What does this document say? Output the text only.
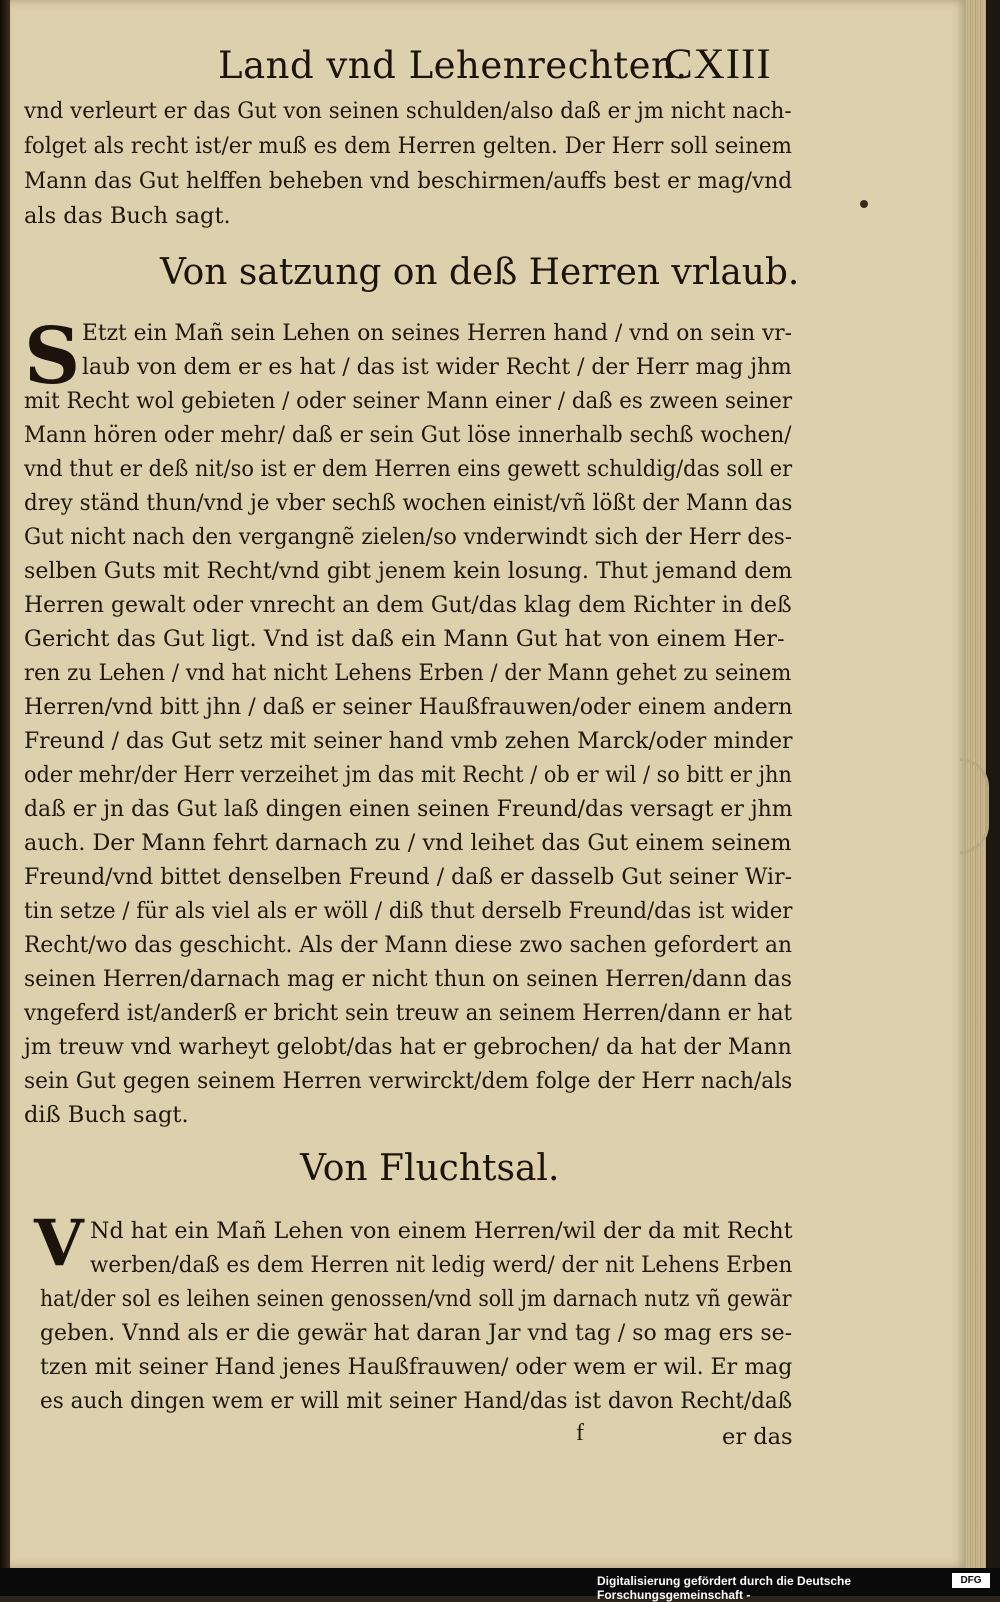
Land vnd Lehenrechten.
CXIII
vnd verleurt er das Gut von seinen schulden/also daß er jm nicht nach-
folget als recht ist/er muß es dem Herren gelten. Der Herr soll seinem
Mann das Gut helffen beheben vnd beschirmen/auffs best er mag/vnd
als das Buch sagt.
Von satzung on deß Herren vrlaub.
S Etzt ein Mañ sein Lehen on seines Herren hand / vnd on sein vr-
laub von dem er es hat / das ist wider Recht / der Herr mag jhm
mit Recht wol gebieten / oder seiner Mann einer / daß es zween seiner
Mann hören oder mehr/ daß er sein Gut löse innerhalb sechß wochen/
vnd thut er deß nit/so ist er dem Herren eins gewett schuldig/das soll er
drey ständ thun/vnd je vber sechß wochen einist/vñ lößt der Mann das
Gut nicht nach den vergangnẽ zielen/so vnderwindt sich der Herr des-
selben Guts mit Recht/vnd gibt jenem kein losung. Thut jemand dem
Herren gewalt oder vnrecht an dem Gut/das klag dem Richter in deß
Gericht das Gut ligt. Vnd ist daß ein Mann Gut hat von einem Her-
ren zu Lehen / vnd hat nicht Lehens Erben / der Mann gehet zu seinem
Herren/vnd bitt jhn / daß er seiner Haußfrauwen/oder einem andern
Freund / das Gut setz mit seiner hand vmb zehen Marck/oder minder
oder mehr/der Herr verzeihet jm das mit Recht / ob er wil / so bitt er jhn
daß er jn das Gut laß dingen einen seinen Freund/das versagt er jhm
auch. Der Mann fehrt darnach zu / vnd leihet das Gut einem seinem
Freund/vnd bittet denselben Freund / daß er dasselb Gut seiner Wir-
tin setze / für als viel als er wöll / diß thut derselb Freund/das ist wider
Recht/wo das geschicht. Als der Mann diese zwo sachen gefordert an
seinen Herren/darnach mag er nicht thun on seinen Herren/dann das
vngeferd ist/anderß er bricht sein treuw an seinem Herren/dann er hat
jm treuw vnd warheyt gelobt/das hat er gebrochen/ da hat der Mann
sein Gut gegen seinem Herren verwirckt/dem folge der Herr nach/als
diß Buch sagt.
Von Fluchtsal.
V Nd hat ein Mañ Lehen von einem Herren/wil der da mit Recht
werben/daß es dem Herren nit ledig werd/ der nit Lehens Erben
hat/der sol es leihen seinen genossen/vnd soll jm darnach nutz vñ gewär
geben. Vnnd als er die gewär hat daran Jar vnd tag / so mag ers se-
tzen mit seiner Hand jenes Haußfrauwen/ oder wem er wil. Er mag
es auch dingen wem er will mit seiner Hand/das ist davon Recht/daß
f	er das
Digitalisierung gefördert durch die Deutsche Forschungsgemeinschaft -
DFG
